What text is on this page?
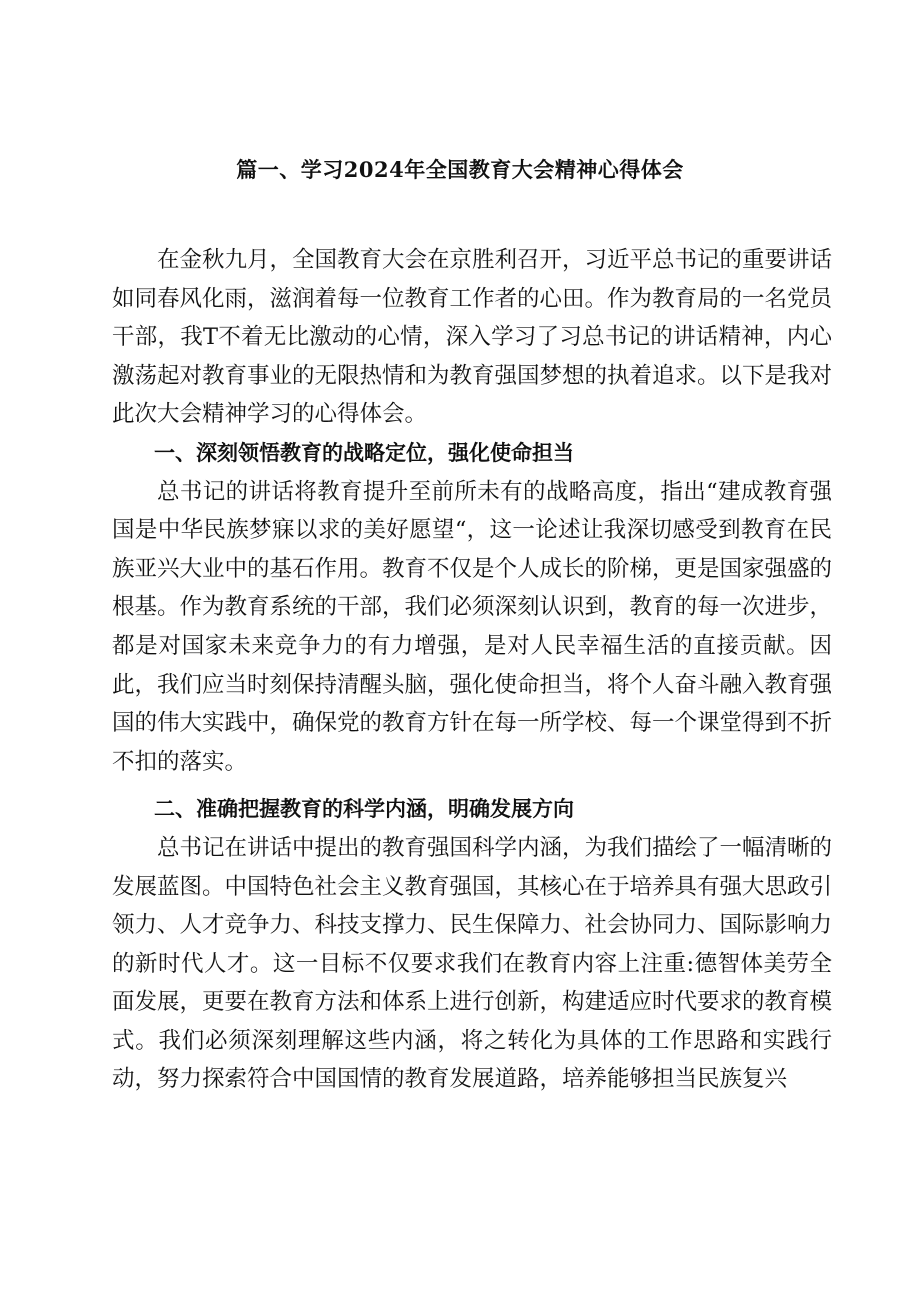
篇一、学习2024年全国教育大会精神心得体会

在金秋九月，全国教育大会在京胜利召开，习近平总书记的重要讲话如同春风化雨，滋润着每一位教育工作者的心田。作为教育局的一名党员干部，我T不着无比激动的心情，深入学习了习总书记的讲话精神，内心激荡起对教育事业的无限热情和为教育强国梦想的执着追求。以下是我对此次大会精神学习的心得体会。

一、深刻领悟教育的战略定位，强化使命担当

总书记的讲话将教育提升至前所未有的战略高度，指出“建成教育强国是中华民族梦寐以求的美好愿望“，这一论述让我深切感受到教育在民族亚兴大业中的基石作用。教育不仅是个人成长的阶梯，更是国家强盛的根基。作为教育系统的干部，我们必须深刻认识到，教育的每一次进步，都是对国家未来竞争力的有力增强，是对人民幸福生活的直接贡献。因此，我们应当时刻保持清醒头脑，强化使命担当，将个人奋斗融入教育强国的伟大实践中，确保党的教育方针在每一所学校、每一个课堂得到不折不扣的落实。

二、准确把握教育的科学内涵，明确发展方向

总书记在讲话中提出的教育强国科学内涵，为我们描绘了一幅清晰的发展蓝图。中国特色社会主义教育强国，其核心在于培养具有强大思政引领力、人才竞争力、科技支撑力、民生保障力、社会协同力、国际影响力的新时代人才。这一目标不仅要求我们在教育内容上注重:德智体美劳全面发展，更要在教育方法和体系上进行创新，构建适应时代要求的教育模式。我们必须深刻理解这些内涵，将之转化为具体的工作思路和实践行动，努力探索符合中国国情的教育发展道路，培养能够担当民族复兴
